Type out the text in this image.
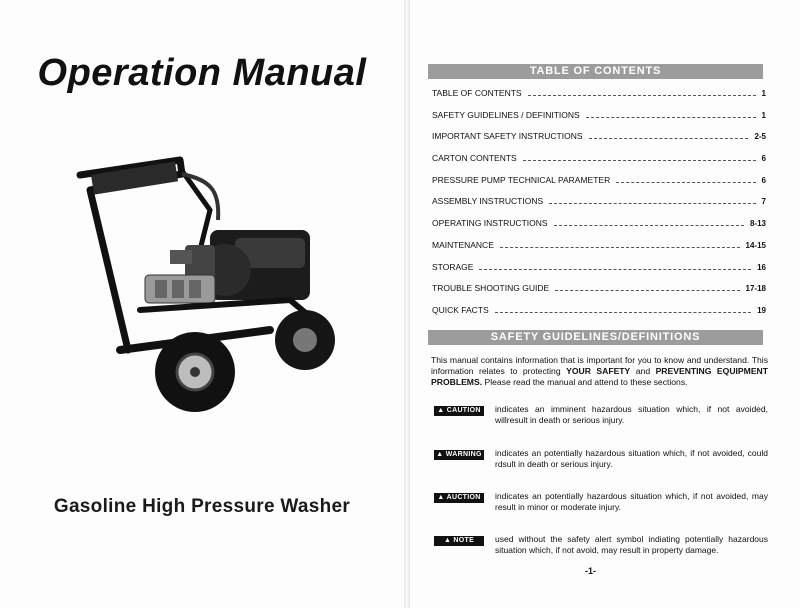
Operation Manual
Gasoline High Pressure Washer
TABLE OF CONTENTS
TABLE OF CONTENTS	1
SAFETY GUIDELINES / DEFINITIONS	1
IMPORTANT SAFETY INSTRUCTIONS	2-5
CARTON CONTENTS	6
PRESSURE PUMP TECHNICAL PARAMETER	6
ASSEMBLY INSTRUCTIONS	7
OPERATING INSTRUCTIONS	8-13
MAINTENANCE	14-15
STORAGE	16
TROUBLE SHOOTING GUIDE	17-18
QUICK FACTS	19
SAFETY GUIDELINES/DEFINITIONS
This manual contains information that is important for you to know and understand. This information relates to protecting YOUR SAFETY and PREVENTING EQUIPMENT PROBLEMS. Please read the manual and attend to these sections.
▲ CAUTION	indicates an imminent hazardous situation which, if not avoided, willresult in death or serious injury.
▲ WARNING indicates an potentially hazardous situation which, if not avoided, could rdsult in death or serious injury.
▲ AUCTION	indicates an potentially hazardous situation which, if not avoided, may result in minor or moderate injury.
▲ NOTE	used without the safety alert symbol indiating potentially hazardous situation which, if not avoid, may result in property damage.
-1-
